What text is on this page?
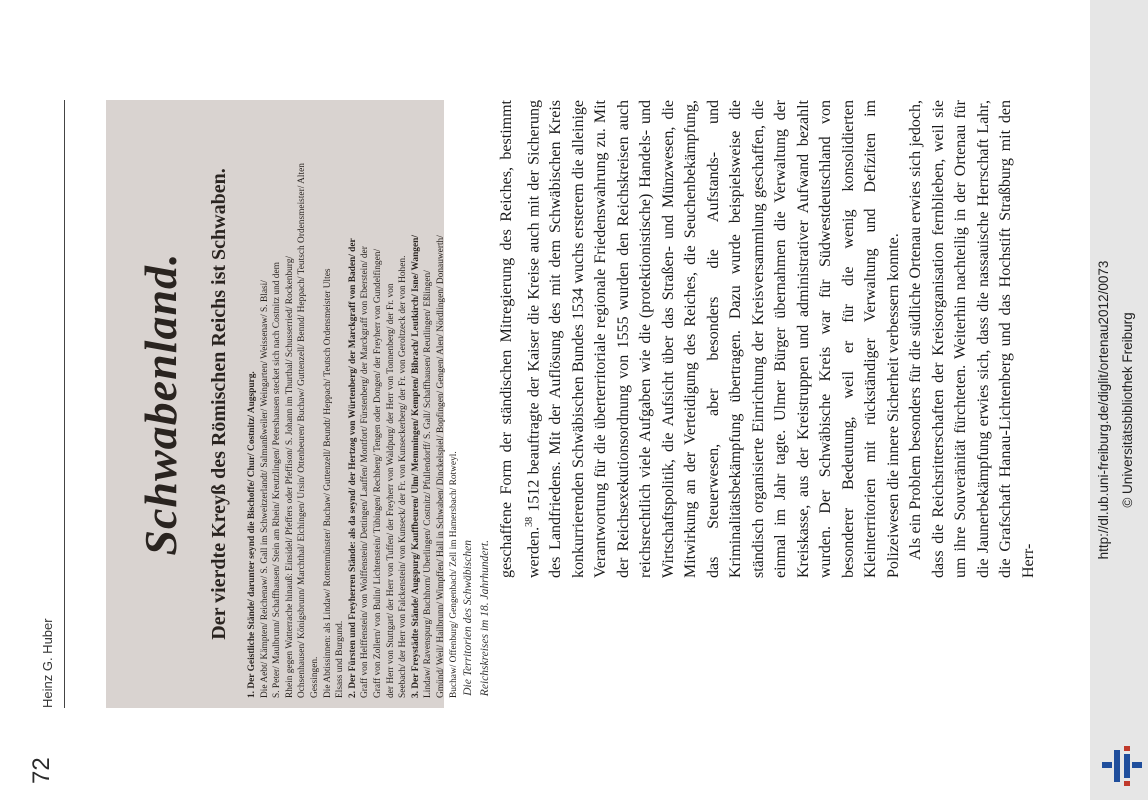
72
Heinz G. Huber
Schwabenland. Der vierdte Kreyß des Römischen Reichs ist Schwaben. 1. Der Geistliche Stände/ darunter seynd die Bischoffe/ Chur/ Costnitz/ Augspurg. Die Aebt/ Kämpten/ Reichenaw/ S. Gall im Schweitzerlandt/ Salmanßweiler/ Weingarten/ Weissenaw/ S. Blasi/ S. Peter/ Maulbrunn/ Schaffhausen/ Stein am Rhein/ Kreutzlingen/ Petershausen stecket sich nach Costnitz und dem Rhein gegen Watterrache hinauß: Einsidel/ Pfeffers oder Pfeffison/ S. Johann im Thurthal/ Schusserried/ Rockenburg/ Ochsenhausen/ Königsbrunn/ Marchthal/ Elchingen/ Ursin/ Ottenbeuren/ Buchaw/ Guttenzell/ Bennd/ Heppach/ Teutsch Ordensmeister/ Alten Gessingen. Die Abtissinnen: als Lindaw/ Rottenmünster/ Buchaw/ Guttenzell/ Beundt/ Heppach/ Teutsch Ordensmeister Ultes Elsass und Burgund. 2. Der Fürsten und Freyherren Stände: als da seynd/ der Hertzog von Würtenberg/ der Marckgraff von Baden/ der Graff von Helffenstein/ von Wolffenstein/ Dettingen/ Lauffen/ Montfort/ Fürstenberg/ der Marckgraff von Eberstein/ der Graff von Zollern/ von Bulin/ Lichtenstein/ Tübingen/ Rechberg/ Tengen oder Dongen/ der Freyherr von Gundelfingen/ der Herr von Stuttgart/ der Herr von Tuffen/ der Freyherr von Waldpurg/ der Herr von Tonnenberg/ der Fr. von Seebach/ der Herr von Falckenstein/ von Kunseck/ der Fr. von Kunseckerberg/ der Fr. von Geroltzeck der von Hohen. 3. Der Freystädte Stände/ Augspurg/ Kauffbeuren/ Ulm/ Memmingen/ Kempten/ Bibrach/ Leutkirch/ Isne/ Wangen/ Lindaw/ Ravenspurg/ Buchhorn/ Uberlingen/ Costnitz/ Pfullendorff/ S. Gall/ Schaffhausen/ Reutlingen/ Eßlingen/ Gmünd/ Weil/ Hailbrunn/ Wimpffen/ Hall in Schwaben/ Dinckelspiel/ Bopfingen/ Gengen/ Alen/ Nördlingen/ Donauwerth/ Buchaw/ Offenburg/ Gengenbach/ Zell im Hamersbach/ Rotweyl. Die Territorien des Schwäbischen Reichskreises im 18. Jahrhundert.

geschaffene Form der ständischen Mitregierung des Reiches, bestimmt werden.$^{38}$ 1512 beauftragte der Kaiser die Kreise auch mit der Sicherung des Landfriedens. Mit der Auflösung des mit dem Schwäbischen Kreis konkurrierenden Schwäbischen Bundes 1534 wuchs ersterem die alleinige Verantwortung für die überterritoriale regionale Friedenswahrung zu. Mit der Reichsexekutionsordnung von 1555 wurden den Reichskreisen auch reichsrechtlich viele Aufgaben wie die (protektionistische) Handels- und Wirtschaftspolitik, die Aufsicht über das Straßen- und Münzwesen, die Mitwirkung an der Verteidigung des Reiches, die Seuchenbekämpfung, das Steuerwesen, aber besonders die Aufstands- und Kriminalitätsbekämpfung übertragen. Dazu wurde beispielsweise die ständisch organisierte Einrichtung der Kreisversammlung geschaffen, die einmal im Jahr tagte. Ulmer Bürger übernahmen die Verwaltung der Kreiskasse, aus der Kreistruppen und administrativer Aufwand bezahlt wurden. Der Schwäbische Kreis war für Südwestdeutschland von besonderer Bedeutung, weil er für die wenig konsolidierten Kleinterritorien mit rückständiger Verwaltung und Defiziten im Polizeiwesen die innere Sicherheit verbessern konnte. Als ein Problem besonders für die südliche Ortenau erwies sich jedoch, dass die Reichsritterschaften der Kreisorganisation fernblieben, weil sie um ihre Souveränität fürchteten. Weiterhin nachteilig in der Ortenau für die Jaunerbekämpfung erwies sich, dass die nassauische Herrschaft Lahr, die Grafschaft Hanau-Lichtenberg und das Hochstift Straßburg mit den Herr-

http://dl.ub.uni-freiburg.de/diglit/ortenau2012/0073 © Universitätsbibliothek Freiburg
